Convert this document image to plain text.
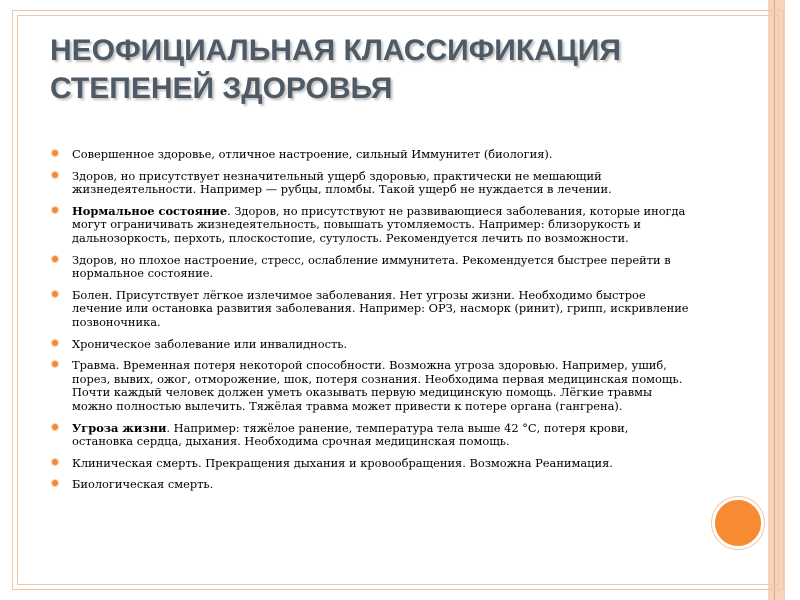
НЕОФИЦИАЛЬНАЯ КЛАССИФИКАЦИЯ СТЕПЕНЕЙ ЗДОРОВЬЯ
Совершенное здоровье, отличное настроение, сильный Иммунитет (биология).
Здоров, но присутствует незначительный ущерб здоровью, практически не мешающий жизнедеятельности. Например — рубцы, пломбы. Такой ущерб не нуждается в лечении.
Нормальное состояние. Здоров, но присутствуют не развивающиеся заболевания, которые иногда могут ограничивать жизнедеятельность, повышать утомляемость. Например: близорукость и дальнозоркость, перхоть, плоскостопие, сутулость. Рекомендуется лечить по возможности.
Здоров, но плохое настроение, стресс, ослабление иммунитета. Рекомендуется быстрее перейти в нормальное состояние.
Болен. Присутствует лёгкое излечимое заболевания. Нет угрозы жизни. Необходимо быстрое лечение или остановка развития заболевания. Например: ОРЗ, насморк (ринит), грипп, искривление позвоночника.
Хроническое заболевание или инвалидность.
Травма. Временная потеря некоторой способности. Возможна угроза здоровью. Например, ушиб, порез, вывих, ожог, отморожение, шок, потеря сознания. Необходима первая медицинская помощь. Почти каждый человек должен уметь оказывать первую медицинскую помощь. Лёгкие травмы можно полностью вылечить. Тяжёлая травма может привести к потере органа (гангрена).
Угроза жизни. Например: тяжёлое ранение, температура тела выше 42 °С, потеря крови, остановка сердца, дыхания. Необходима срочная медицинская помощь.
Клиническая смерть. Прекращения дыхания и кровообращения. Возможна Реанимация.
Биологическая смерть.
